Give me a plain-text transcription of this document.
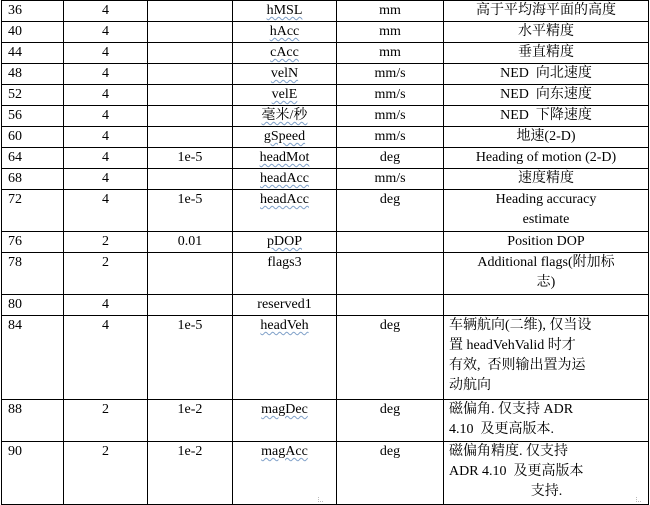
36	4		hMSL	mm	高于平均海平面的高度
40	4		hAcc	mm	水平精度
44	4		cAcc	mm	垂直精度
48	4		velN	mm/s	NED  向北速度
52	4		velE	mm/s	NED  向东速度
56	4		毫米/秒	mm/s	NED  下降速度
60	4		gSpeed	mm/s	地速(2-D)
64	4	1e-5	headMot	deg	Heading of motion (2-D)
68	4		headAcc	mm/s	速度精度
72	4	1e-5	headAcc	deg	Heading accuracy
estimate

76	2	0.01	pDOP		Position DOP
78	2		flags3		Additional flags(附加标
志)

80	4		reserved1		
84	4	1e-5	headVeh	deg	车辆航向(二维), 仅当设
置 headVehValid 时才
有效,  否则输出置为运
动航向

88	2	1e-2	magDec	deg	磁偏角. 仅支持 ADR
4.10  及更高版本.

90	2	1e-2	magAcc	deg	磁偏角精度. 仅支持
ADR 4.10  及更高版本
支持.
